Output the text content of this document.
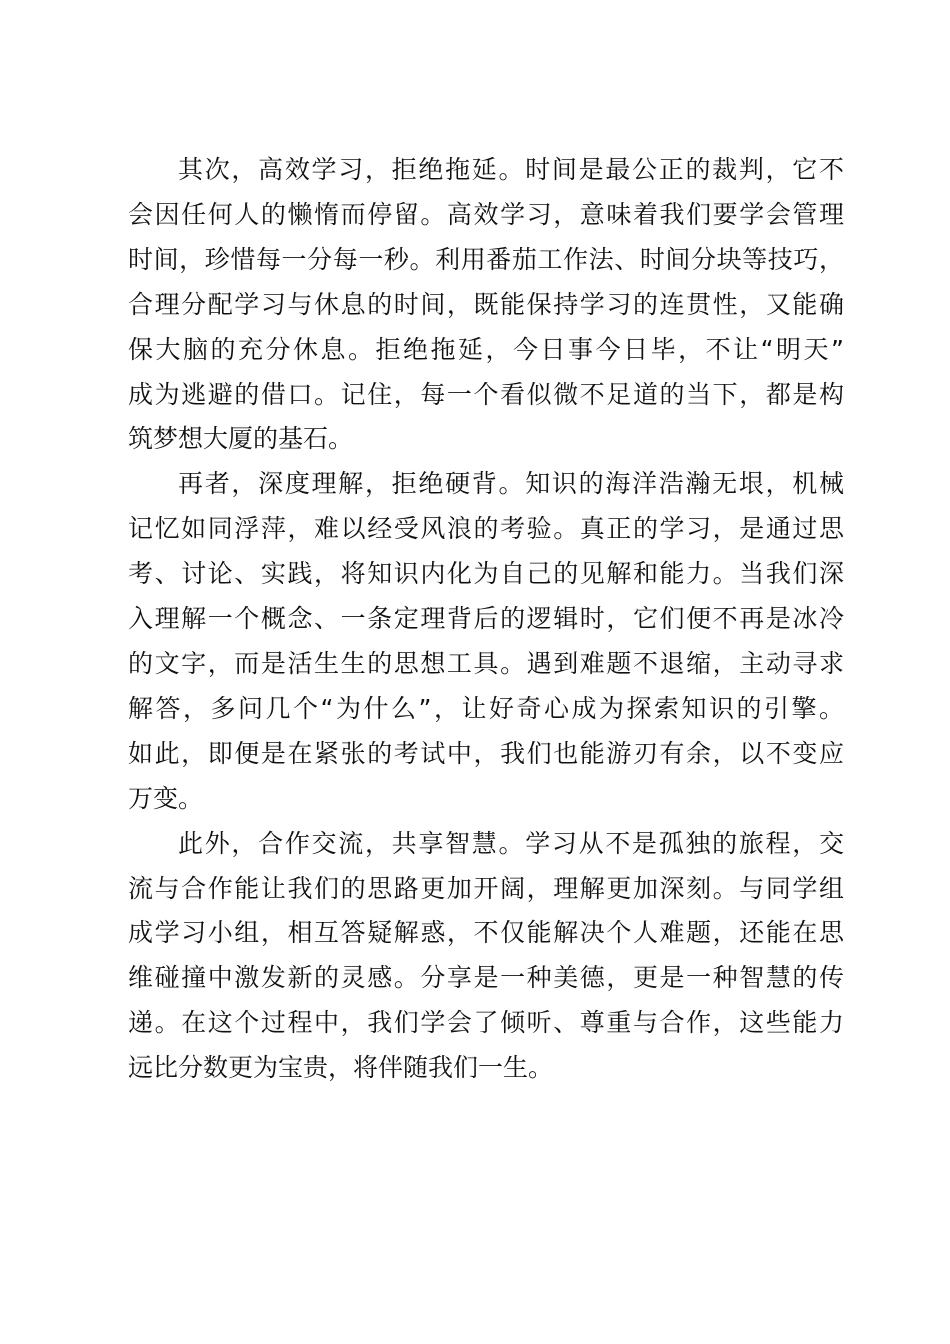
其次，高效学习，拒绝拖延。时间是最公正的裁判，它不
会因任何人的懒惰而停留。高效学习，意味着我们要学会管理
时间，珍惜每一分每一秒。利用番茄工作法、时间分块等技巧，
合理分配学习与休息的时间，既能保持学习的连贯性，又能确
保大脑的充分休息。拒绝拖延，今日事今日毕，不让“明天”
成为逃避的借口。记住，每一个看似微不足道的当下，都是构
筑梦想大厦的基石。
再者，深度理解，拒绝硬背。知识的海洋浩瀚无垠，机械
记忆如同浮萍，难以经受风浪的考验。真正的学习，是通过思
考、讨论、实践，将知识内化为自己的见解和能力。当我们深
入理解一个概念、一条定理背后的逻辑时，它们便不再是冰冷
的文字，而是活生生的思想工具。遇到难题不退缩，主动寻求
解答，多问几个“为什么”，让好奇心成为探索知识的引擎。
如此，即便是在紧张的考试中，我们也能游刃有余，以不变应
万变。
此外，合作交流，共享智慧。学习从不是孤独的旅程，交
流与合作能让我们的思路更加开阔，理解更加深刻。与同学组
成学习小组，相互答疑解惑，不仅能解决个人难题，还能在思
维碰撞中激发新的灵感。分享是一种美德，更是一种智慧的传
递。在这个过程中，我们学会了倾听、尊重与合作，这些能力
远比分数更为宝贵，将伴随我们一生。
